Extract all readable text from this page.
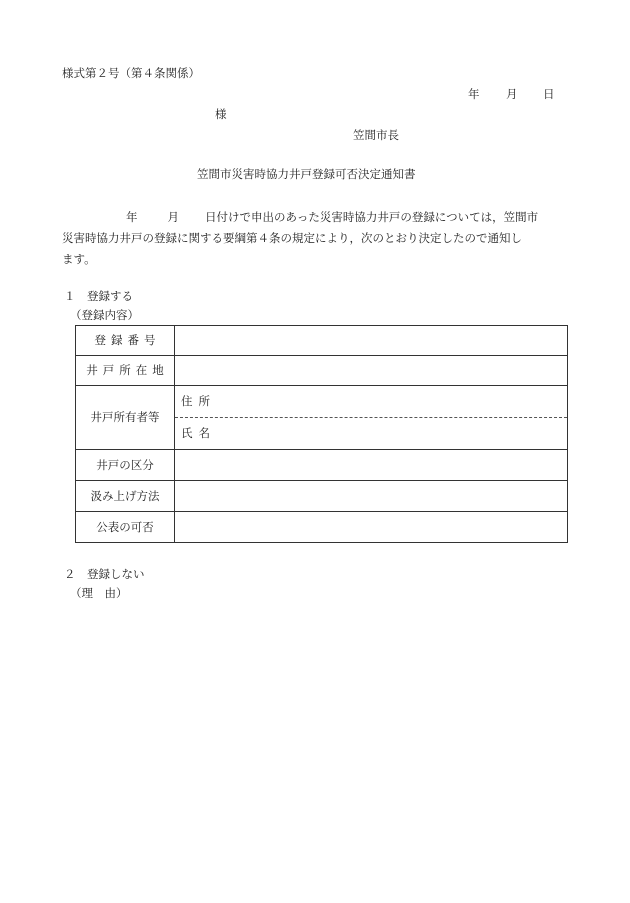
様式第２号（第４条関係）
年 月 日
様
笠間市長
笠間市災害時協力井戸登録可否決定通知書
年	月 日付けで申出のあった災害時協力井戸の登録については，笠間市
災害時協力井戸の登録に関する要綱第４条の規定により，次のとおり決定したので通知し
ます。
１　登録する
（登録内容）
登録番号	
井戸所在地	
井戸所有者等	住所
氏名

井戸の区分	
汲み上げ方法	
公表の可否	
２　登録しない
（理　由）
